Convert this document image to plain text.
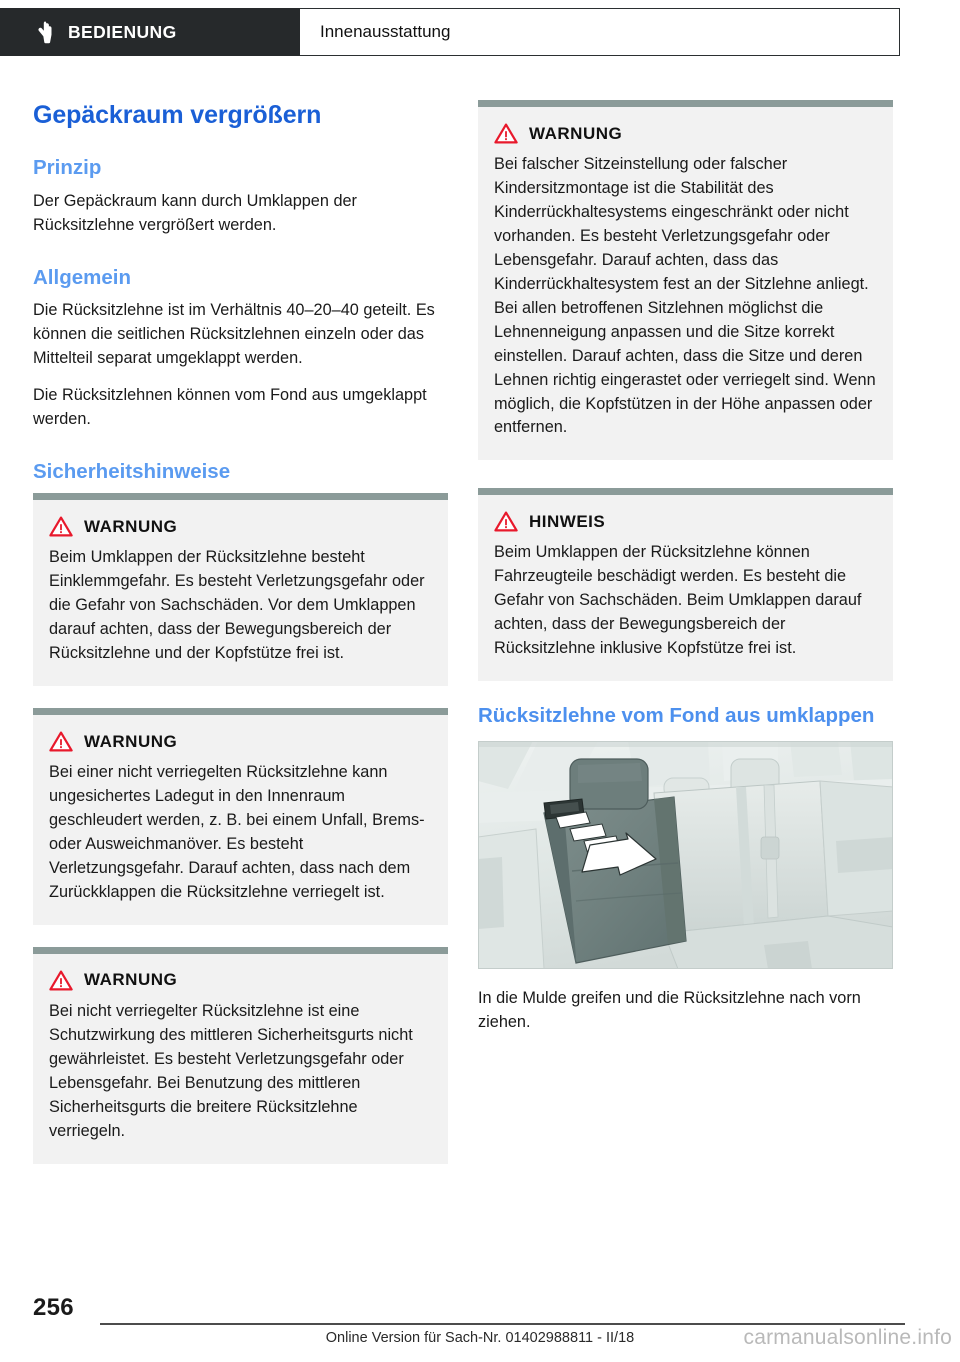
BEDIENUNG	Innenausstattung
Gepäckraum vergrößern
Prinzip

Der Gepäckraum kann durch Umklappen der Rücksitzlehne vergrößert werden.

Allgemein

Die Rücksitzlehne ist im Verhältnis 40–20–40 geteilt. Es können die seitlichen Rücksitzlehnen einzeln oder das Mittelteil separat umgeklappt werden.

Die Rücksitzlehnen können vom Fond aus umgeklappt werden.

Sicherheitshinweise
WARNUNG

Beim Umklappen der Rücksitzlehne besteht Einklemmgefahr. Es besteht Verletzungsgefahr oder die Gefahr von Sachschäden. Vor dem Umklappen darauf achten, dass der Bewegungsbereich der Rücksitzlehne und der Kopfstütze frei ist.

WARNUNG

Bei einer nicht verriegelten Rücksitzlehne kann ungesichertes Ladegut in den Innenraum geschleudert werden, z. B. bei einem Unfall, Brems- oder Ausweichmanöver. Es besteht Verletzungsgefahr. Darauf achten, dass nach dem Zurückklappen die Rücksitzlehne verriegelt ist.

WARNUNG

Bei nicht verriegelter Rücksitzlehne ist eine Schutzwirkung des mittleren Sicherheitsgurts nicht gewährleistet. Es besteht Verletzungsgefahr oder Lebensgefahr. Bei Benutzung des mittleren Sicherheitsgurts die breitere Rücksitzlehne verriegeln.

WARNUNG

Bei falscher Sitzeinstellung oder falscher Kindersitzmontage ist die Stabilität des Kinderrückhaltesystems eingeschränkt oder nicht vorhanden. Es besteht Verletzungsgefahr oder Lebensgefahr. Darauf achten, dass das Kinderrückhaltesystem fest an der Sitzlehne anliegt. Bei allen betroffenen Sitzlehnen möglichst die Lehnenneigung anpassen und die Sitze korrekt einstellen. Darauf achten, dass die Sitze und deren Lehnen richtig eingerastet oder verriegelt sind. Wenn möglich, die Kopfstützen in der Höhe anpassen oder entfernen.

HINWEIS

Beim Umklappen der Rücksitzlehne können Fahrzeugteile beschädigt werden. Es besteht die Gefahr von Sachschäden. Beim Umklappen darauf achten, dass der Bewegungsbereich der Rücksitzlehne inklusive Kopfstütze frei ist.

Rücksitzlehne vom Fond aus umklappen

In die Mulde greifen und die Rücksitzlehne nach vorn ziehen.

256
Online Version für Sach-Nr. 01402988811 - II/18	carmanualsonline.info
